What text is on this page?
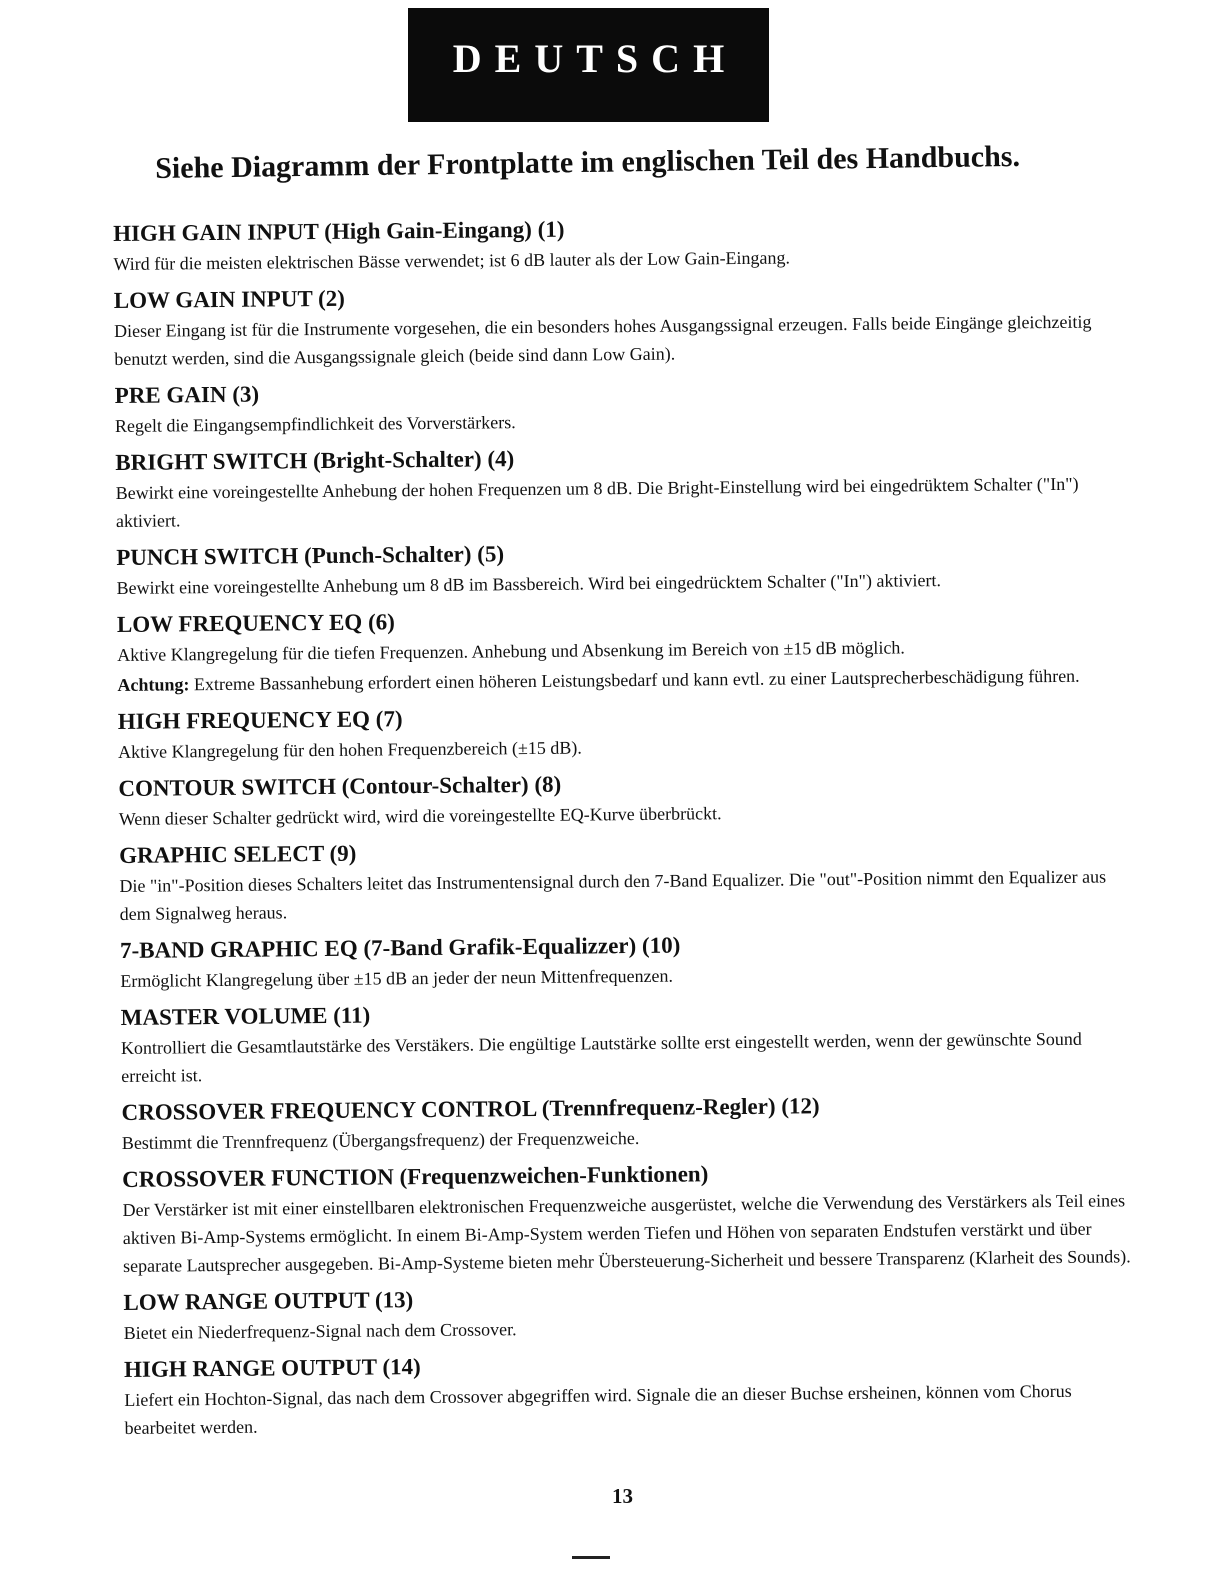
DEUTSCH
Siehe Diagramm der Frontplatte im englischen Teil des Handbuchs.
HIGH GAIN INPUT (High Gain-Eingang) (1)

Wird für die meisten elektrischen Bässe verwendet; ist 6 dB lauter als der Low Gain-Eingang.

LOW GAIN INPUT (2)

Dieser Eingang ist für die Instrumente vorgesehen, die ein besonders hohes Ausgangssignal erzeugen. Falls beide Eingänge gleichzeitig benutzt werden, sind die Ausgangssignale gleich (beide sind dann Low Gain).

PRE GAIN (3)

Regelt die Eingangsempfindlichkeit des Vorverstärkers.

BRIGHT SWITCH (Bright-Schalter) (4)

Bewirkt eine voreingestellte Anhebung der hohen Frequenzen um 8 dB. Die Bright-Einstellung wird bei eingedrüktem Schalter ("In") aktiviert.

PUNCH SWITCH (Punch-Schalter) (5)

Bewirkt eine voreingestellte Anhebung um 8 dB im Bassbereich. Wird bei eingedrücktem Schalter ("In") aktiviert.

LOW FREQUENCY EQ (6)

Aktive Klangregelung für die tiefen Frequenzen. Anhebung und Absenkung im Bereich von ±15 dB möglich.

Achtung: Extreme Bassanhebung erfordert einen höheren Leistungsbedarf und kann evtl. zu einer Lautsprecherbeschädigung führen.

HIGH FREQUENCY EQ (7)

Aktive Klangregelung für den hohen Frequenzbereich (±15 dB).

CONTOUR SWITCH (Contour-Schalter) (8)

Wenn dieser Schalter gedrückt wird, wird die voreingestellte EQ-Kurve überbrückt.

GRAPHIC SELECT (9)

Die "in"-Position dieses Schalters leitet das Instrumentensignal durch den 7-Band Equalizer. Die "out"-Position nimmt den Equalizer aus dem Signalweg heraus.

7-BAND GRAPHIC EQ (7-Band Grafik-Equalizzer) (10)

Ermöglicht Klangregelung über ±15 dB an jeder der neun Mittenfrequenzen.

MASTER VOLUME (11)

Kontrolliert die Gesamtlautstärke des Verstäkers. Die engültige Lautstärke sollte erst eingestellt werden, wenn der gewünschte Sound erreicht ist.

CROSSOVER FREQUENCY CONTROL (Trennfrequenz-Regler) (12)

Bestimmt die Trennfrequenz (Übergangsfrequenz) der Frequenzweiche.

CROSSOVER FUNCTION (Frequenzweichen-Funktionen)

Der Verstärker ist mit einer einstellbaren elektronischen Frequenzweiche ausgerüstet, welche die Verwendung des Verstärkers als Teil eines aktiven Bi-Amp-Systems ermöglicht. In einem Bi-Amp-System werden Tiefen und Höhen von separaten Endstufen verstärkt und über separate Lautsprecher ausgegeben. Bi-Amp-Systeme bieten mehr Übersteuerung-Sicherheit und bessere Transparenz (Klarheit des Sounds).

LOW RANGE OUTPUT (13)

Bietet ein Niederfrequenz-Signal nach dem Crossover.

HIGH RANGE OUTPUT (14)

Liefert ein Hochton-Signal, das nach dem Crossover abgegriffen wird. Signale die an dieser Buchse ersheinen, können vom Chorus bearbeitet werden.

13
